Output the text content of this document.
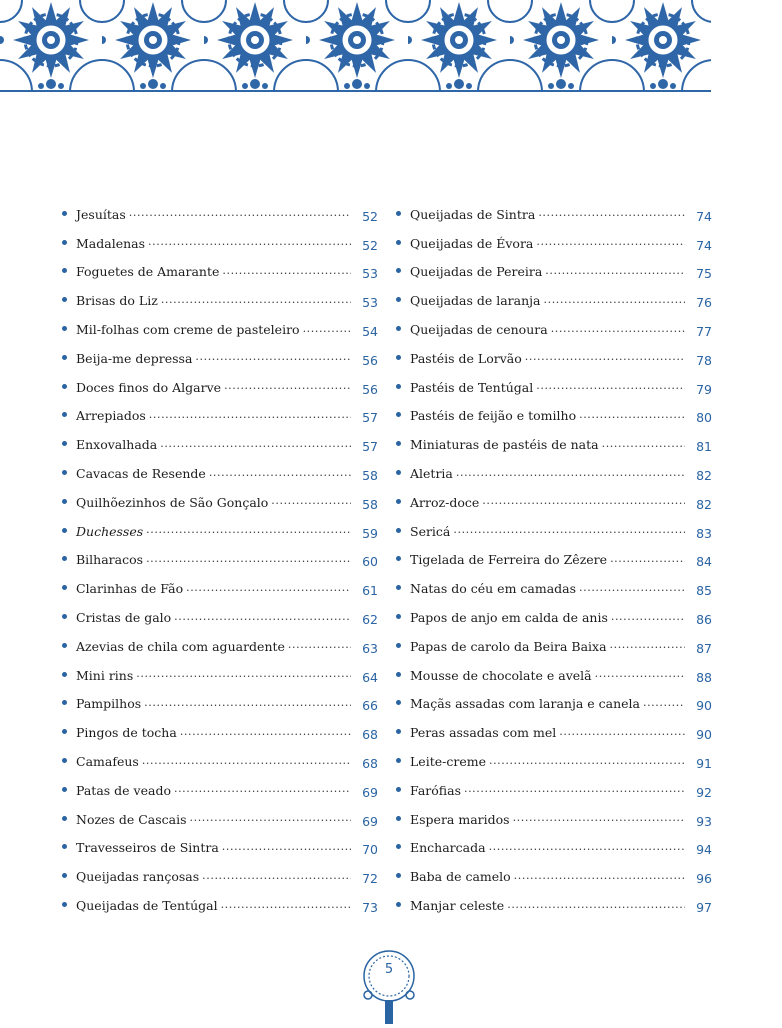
Jesuítas .....	52
Madalenas .....	52
Foguetes de Amarante .....	53
Brisas do Liz .....	53
Mil-folhas com creme de pasteleiro .....	54
Beija-me depressa .....	56
Doces finos do Algarve .....	56
Arrepiados .....	57
Enxovalhada .....	57
Cavacas de Resende .....	58
Quilhõezinhos de São Gonçalo .....	58
Duchesses .....	59
Bilharacos .....	60
Clarinhas de Fão .....	61
Cristas de galo .....	62
Azevias de chila com aguardente .....	63
Mini rins .....	64
Pampilhos .....	66
Pingos de tocha .....	68
Camafeus .....	68
Patas de veado .....	69
Nozes de Cascais .....	69
Travesseiros de Sintra .....	70
Queijadas rançosas .....	72
Queijadas de Tentúgal .....	73
Queijadas de Sintra .....	74
Queijadas de Évora .....	74
Queijadas de Pereira .....	75
Queijadas de laranja .....	76
Queijadas de cenoura .....	77
Pastéis de Lorvão .....	78
Pastéis de Tentúgal .....	79
Pastéis de feijão e tomilho .....	80
Miniaturas de pastéis de nata .....	81
Aletria .....	82
Arroz-doce .....	82
Sericá .....	83
Tigelada de Ferreira do Zêzere .....	84
Natas do céu em camadas .....	85
Papos de anjo em calda de anis .....	86
Papas de carolo da Beira Baixa .....	87
Mousse de chocolate e avelã .....	88
Maçãs assadas com laranja e canela .....	90
Peras assadas com mel .....	90
Leite-creme .....	91
Farófias .....	92
Espera maridos .....	93
Encharcada .....	94
Baba de camelo .....	96
Manjar celeste .....	97
5
